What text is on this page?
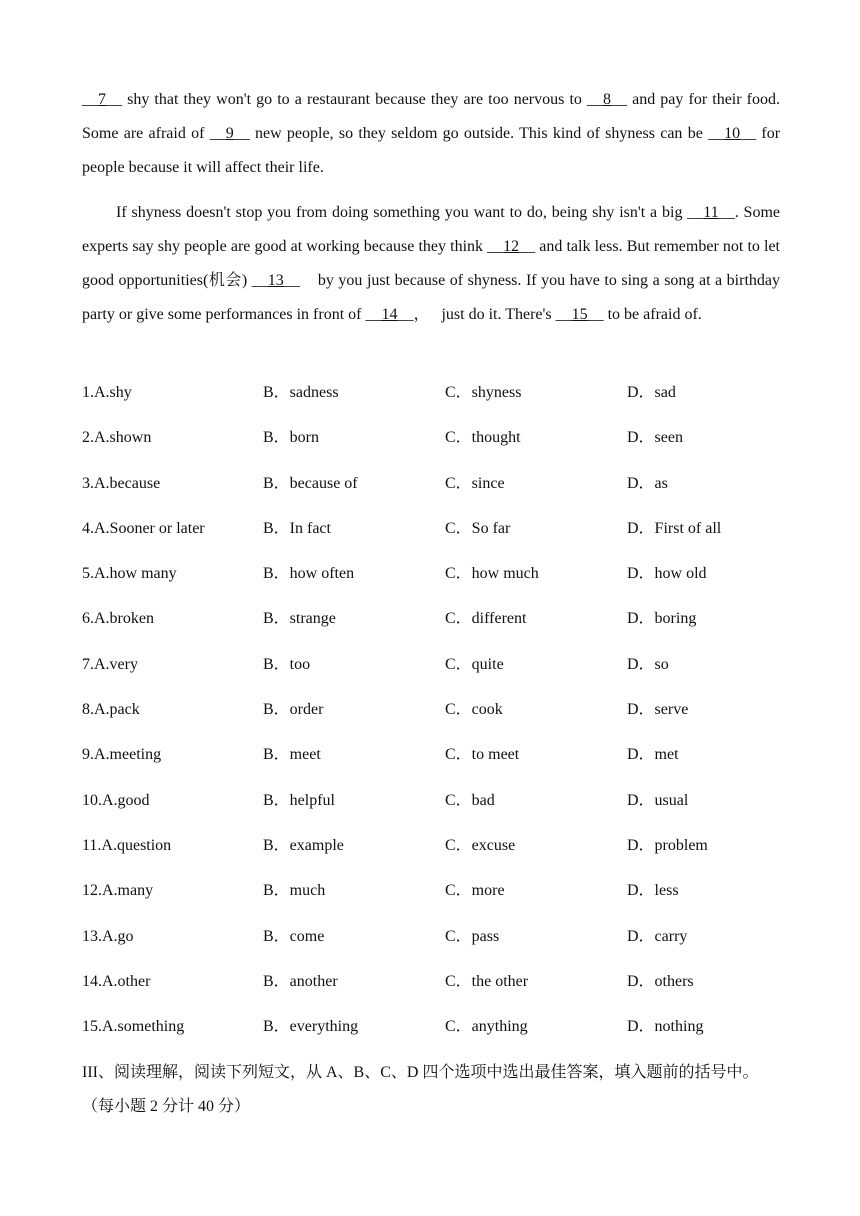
__7__ shy that they won't go to a restaurant because they are too nervous to __8__ and pay for their food. Some are afraid of __9__ new people, so they seldom go outside. This kind of shyness can be __10__ for people because it will affect their life.
If shyness doesn't stop you from doing something you want to do, being shy isn't a big __11__. Some experts say shy people are good at working because they think __12__ and talk less. But remember not to let good opportunities(机会) __13__    by you just because of shyness. If you have to sing a song at a birthday party or give some performances in front of __14__，   just do it. There's __15__ to be afraid of.
1.A.shy	B．sadness	C．shyness	D．sad
2.A.shown	B．born	C．thought	D．seen
3.A.because	B．because of	C．since	D．as
4.A.Sooner or later	B．In fact	C．So far	D．First of all
5.A.how many	B．how often	C．how much	D．how old
6.A.broken	B．strange	C．different	D．boring
7.A.very	B．too	C．quite	D．so
8.A.pack	B．order	C．cook	D．serve
9.A.meeting	B．meet	C．to meet	D．met
10.A.good	B．helpful	C．bad	D．usual
11.A.question	B．example	C．excuse	D．problem
12.A.many	B．much	C．more	D．less
13.A.go	B．come	C．pass	D．carry
14.A.other	B．another	C．the other	D．others
15.A.something	B．everything	C．anything	D．nothing
III、阅读理解，阅读下列短文，从 A、B、C、D 四个选项中选出最佳答案，填入题前的括号中。（每小题 2 分计 40 分）
